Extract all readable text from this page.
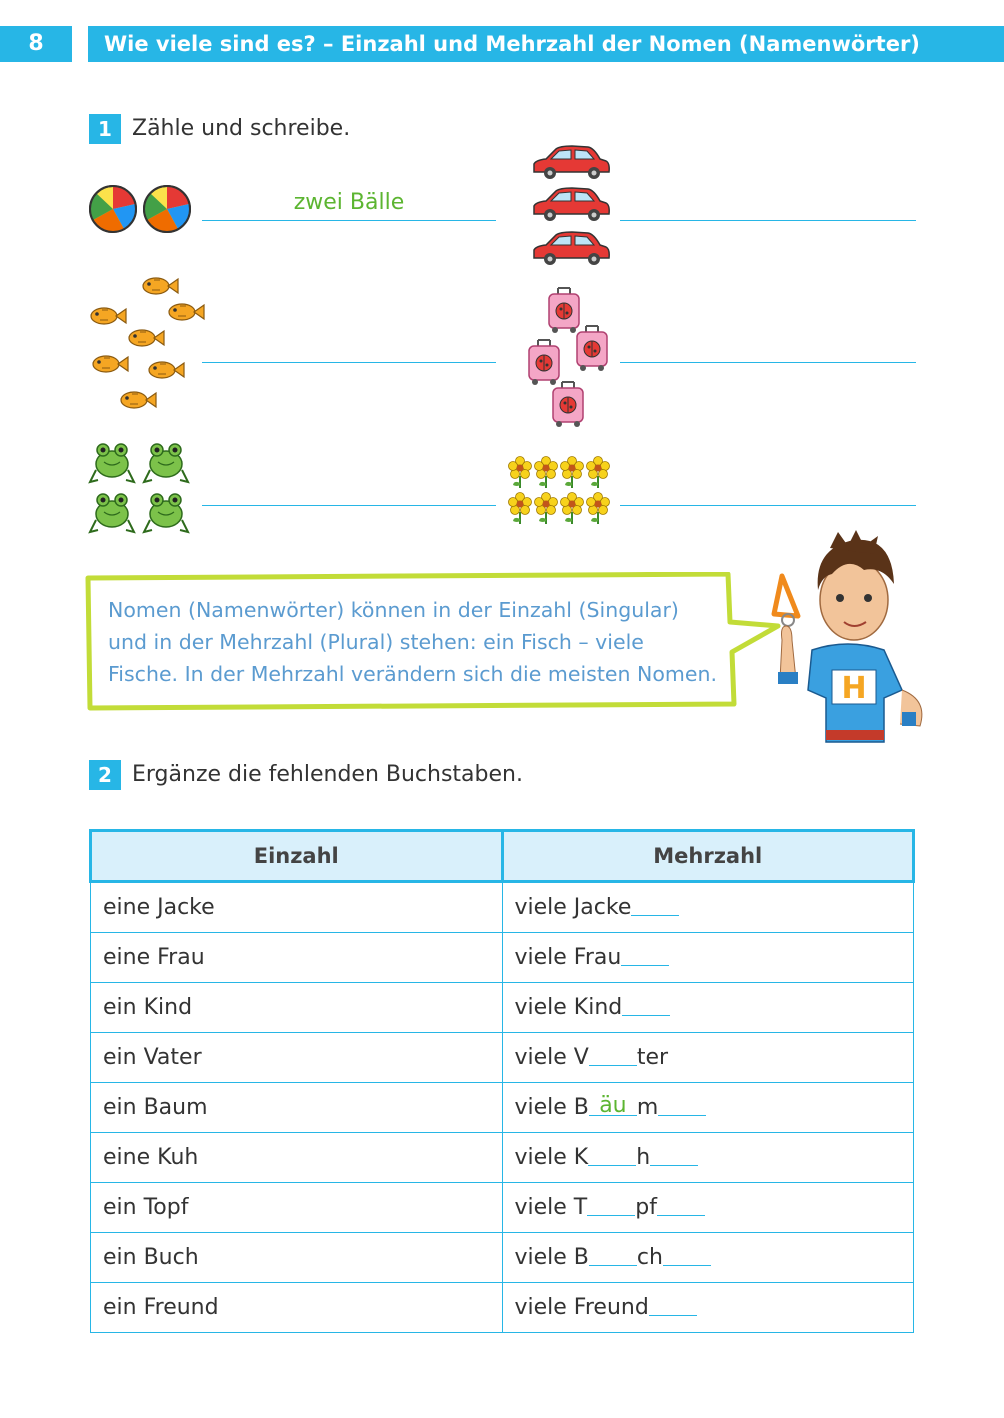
8	Wie viele sind es? – Einzahl und Mehrzahl der Nomen (Namenwörter)
1 Zähle und schreibe.
zwei Bälle
Nomen (Namenwörter) können in der Einzahl (Singular)
und in der Mehrzahl (Plural) stehen: ein Fisch – viele
Fische. In der Mehrzahl verändern sich die meisten Nomen.	H
2 Ergänze die fehlenden Buchstaben.
Einzahl	Mehrzahl
eine Jacke	viele Jacke
eine Frau	viele Frau
ein Kind	viele Kind
ein Vater	viele V ter
ein Baum	viele B äu m
eine Kuh	viele K h
ein Topf	viele T pf
ein Buch	viele B ch
ein Freund	viele Freund
